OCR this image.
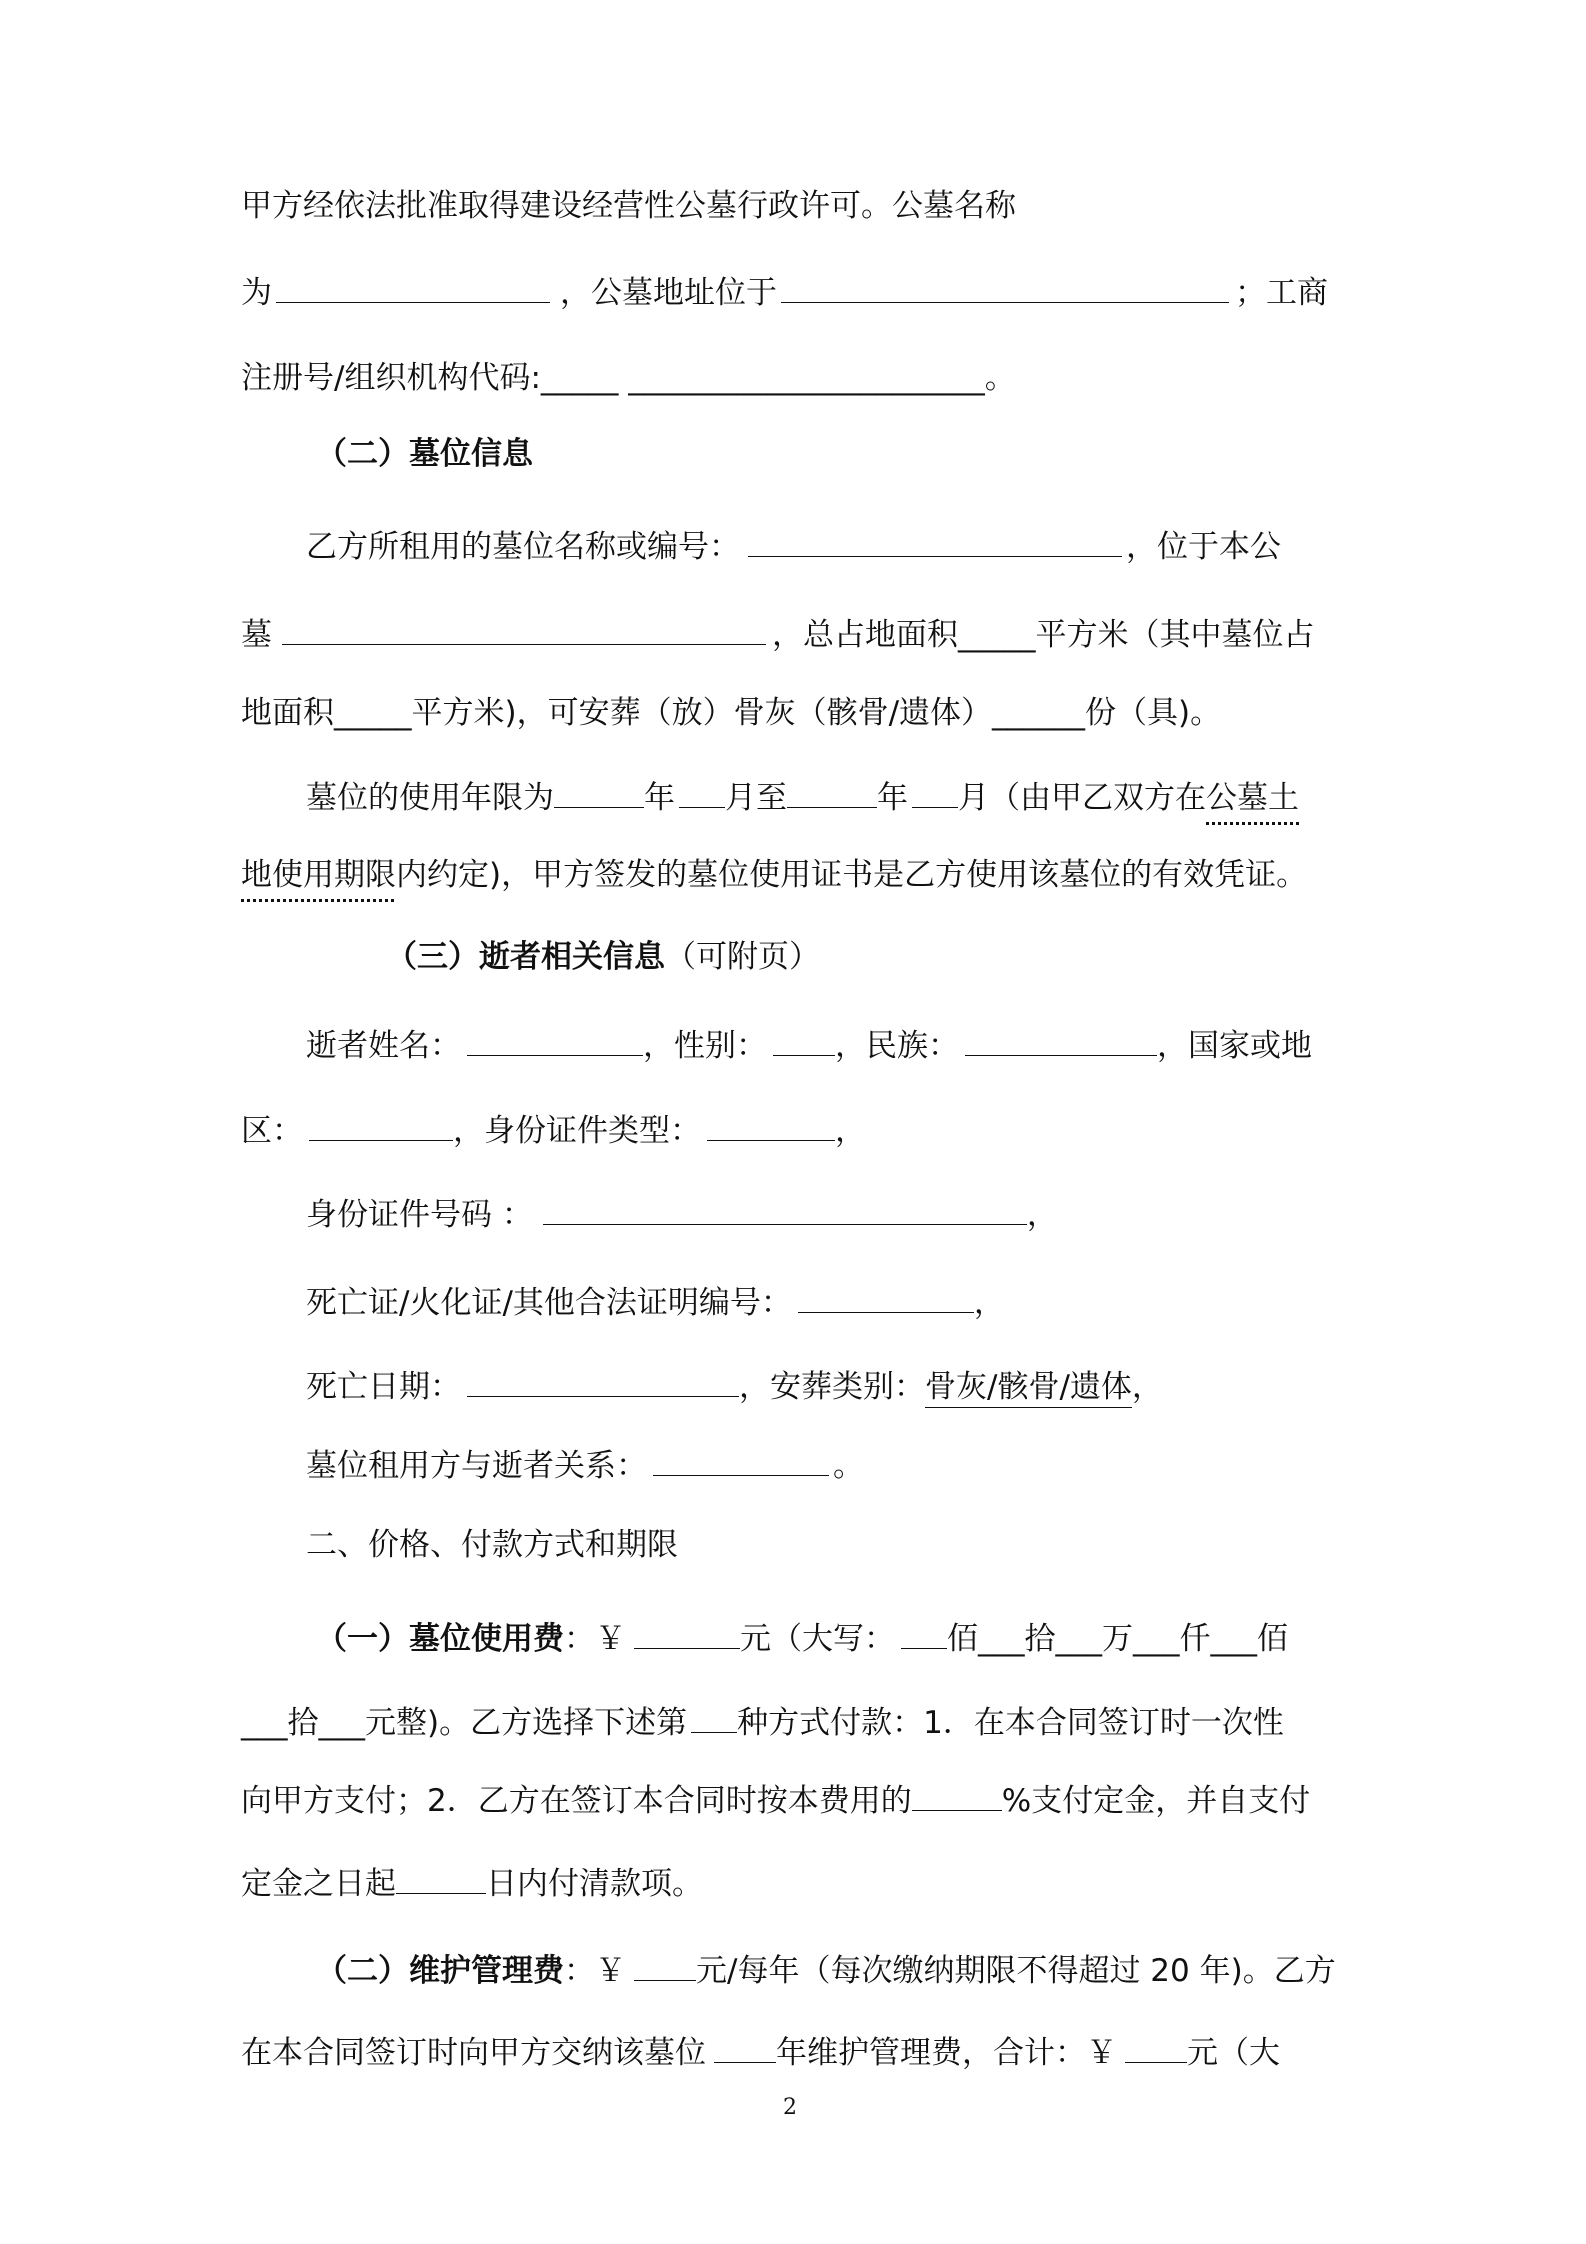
甲方经依法批准取得建设经营性公墓行政许可。公墓名称
为	，公墓地址位于	；工商
注册号/组织机构代码:_____ _______________________。
（二）墓位信息
乙方所租用的墓位名称或编号：	，位于本公
墓	，总占地面积_____平方米（其中墓位占
地面积_____平方米)，可安葬（放）骨灰（骸骨/遗体）______份（具)。
墓位的使用年限为	年 月至	年 月（由甲乙双方在公墓土
地使用期限内约定)，甲方签发的墓位使用证书是乙方使用该墓位的有效凭证。
（三）逝者相关信息（可附页）
逝者姓名：	，性别： ，民族：	，国家或地
区：	，身份证件类型：	，
身份证件号码 ：	，
死亡证/火化证/其他合法证明编号：	，
死亡日期：	，安葬类别：骨灰/骸骨/遗体，
墓位租用方与逝者关系：	。
二、价格、付款方式和期限
（一）墓位使用费：￥	元（大写： 佰___拾___万___仟___佰
___拾___元整)。乙方选择下述第 种方式付款：1．在本合同签订时一次性
向甲方支付；2．乙方在签订本合同时按本费用的	%支付定金，并自支付
定金之日起	日内付清款项。
（二）维护管理费：￥ 元/每年（每次缴纳期限不得超过 20 年)。乙方
在本合同签订时向甲方交纳该墓位年维护管理费，合计：￥ 元（大
2
